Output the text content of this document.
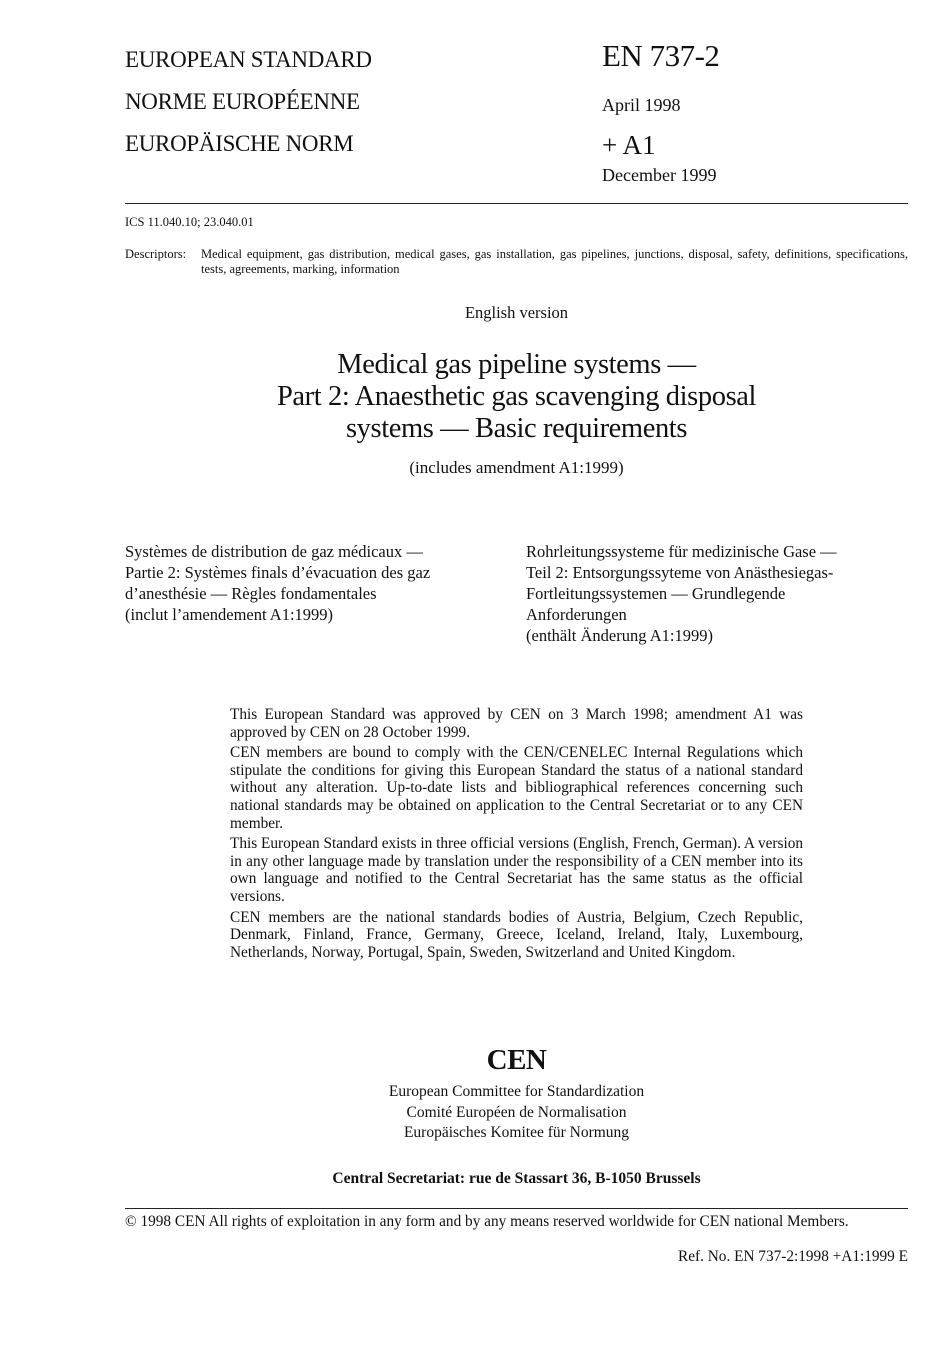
EUROPEAN STANDARD
NORME EUROPÉENNE
EUROPÄISCHE NORM
EN 737-2
April 1998
+ A1
December 1999
ICS 11.040.10; 23.040.01
Descriptors: Medical equipment, gas distribution, medical gases, gas installation, gas pipelines, junctions, disposal, safety, definitions, specifications, tests, agreements, marking, information
English version
Medical gas pipeline systems —
Part 2: Anaesthetic gas scavenging disposal
systems — Basic requirements
(includes amendment A1:1999)
Systèmes de distribution de gaz médicaux —
Partie 2: Systèmes finals d’évacuation des gaz
d’anesthésie — Règles fondamentales
(inclut l’amendement A1:1999)
Rohrleitungssysteme für medizinische Gase —
Teil 2: Entsorgungssyteme von Anästhesiegas-
Fortleitungssystemen — Grundlegende
Anforderungen
(enthält Änderung A1:1999)

This European Standard was approved by CEN on 3 March 1998; amendment A1 was approved by CEN on 28 October 1999.

CEN members are bound to comply with the CEN/CENELEC Internal Regulations which stipulate the conditions for giving this European Standard the status of a national standard without any alteration. Up-to-date lists and bibliographical references concerning such national standards may be obtained on application to the Central Secretariat or to any CEN member.

This European Standard exists in three official versions (English, French, German). A version in any other language made by translation under the responsibility of a CEN member into its own language and notified to the Central Secretariat has the same status as the official versions.

CEN members are the national standards bodies of Austria, Belgium, Czech Republic, Denmark, Finland, France, Germany, Greece, Iceland, Ireland, Italy, Luxembourg, Netherlands, Norway, Portugal, Spain, Sweden, Switzerland and United Kingdom.

CEN
European Committee for Standardization
Comité Européen de Normalisation
Europäisches Komitee für Normung
Central Secretariat: rue de Stassart 36, B-1050 Brussels
© 1998 CEN All rights of exploitation in any form and by any means reserved worldwide for CEN national Members.
Ref. No. EN 737-2:1998 +A1:1999 E
